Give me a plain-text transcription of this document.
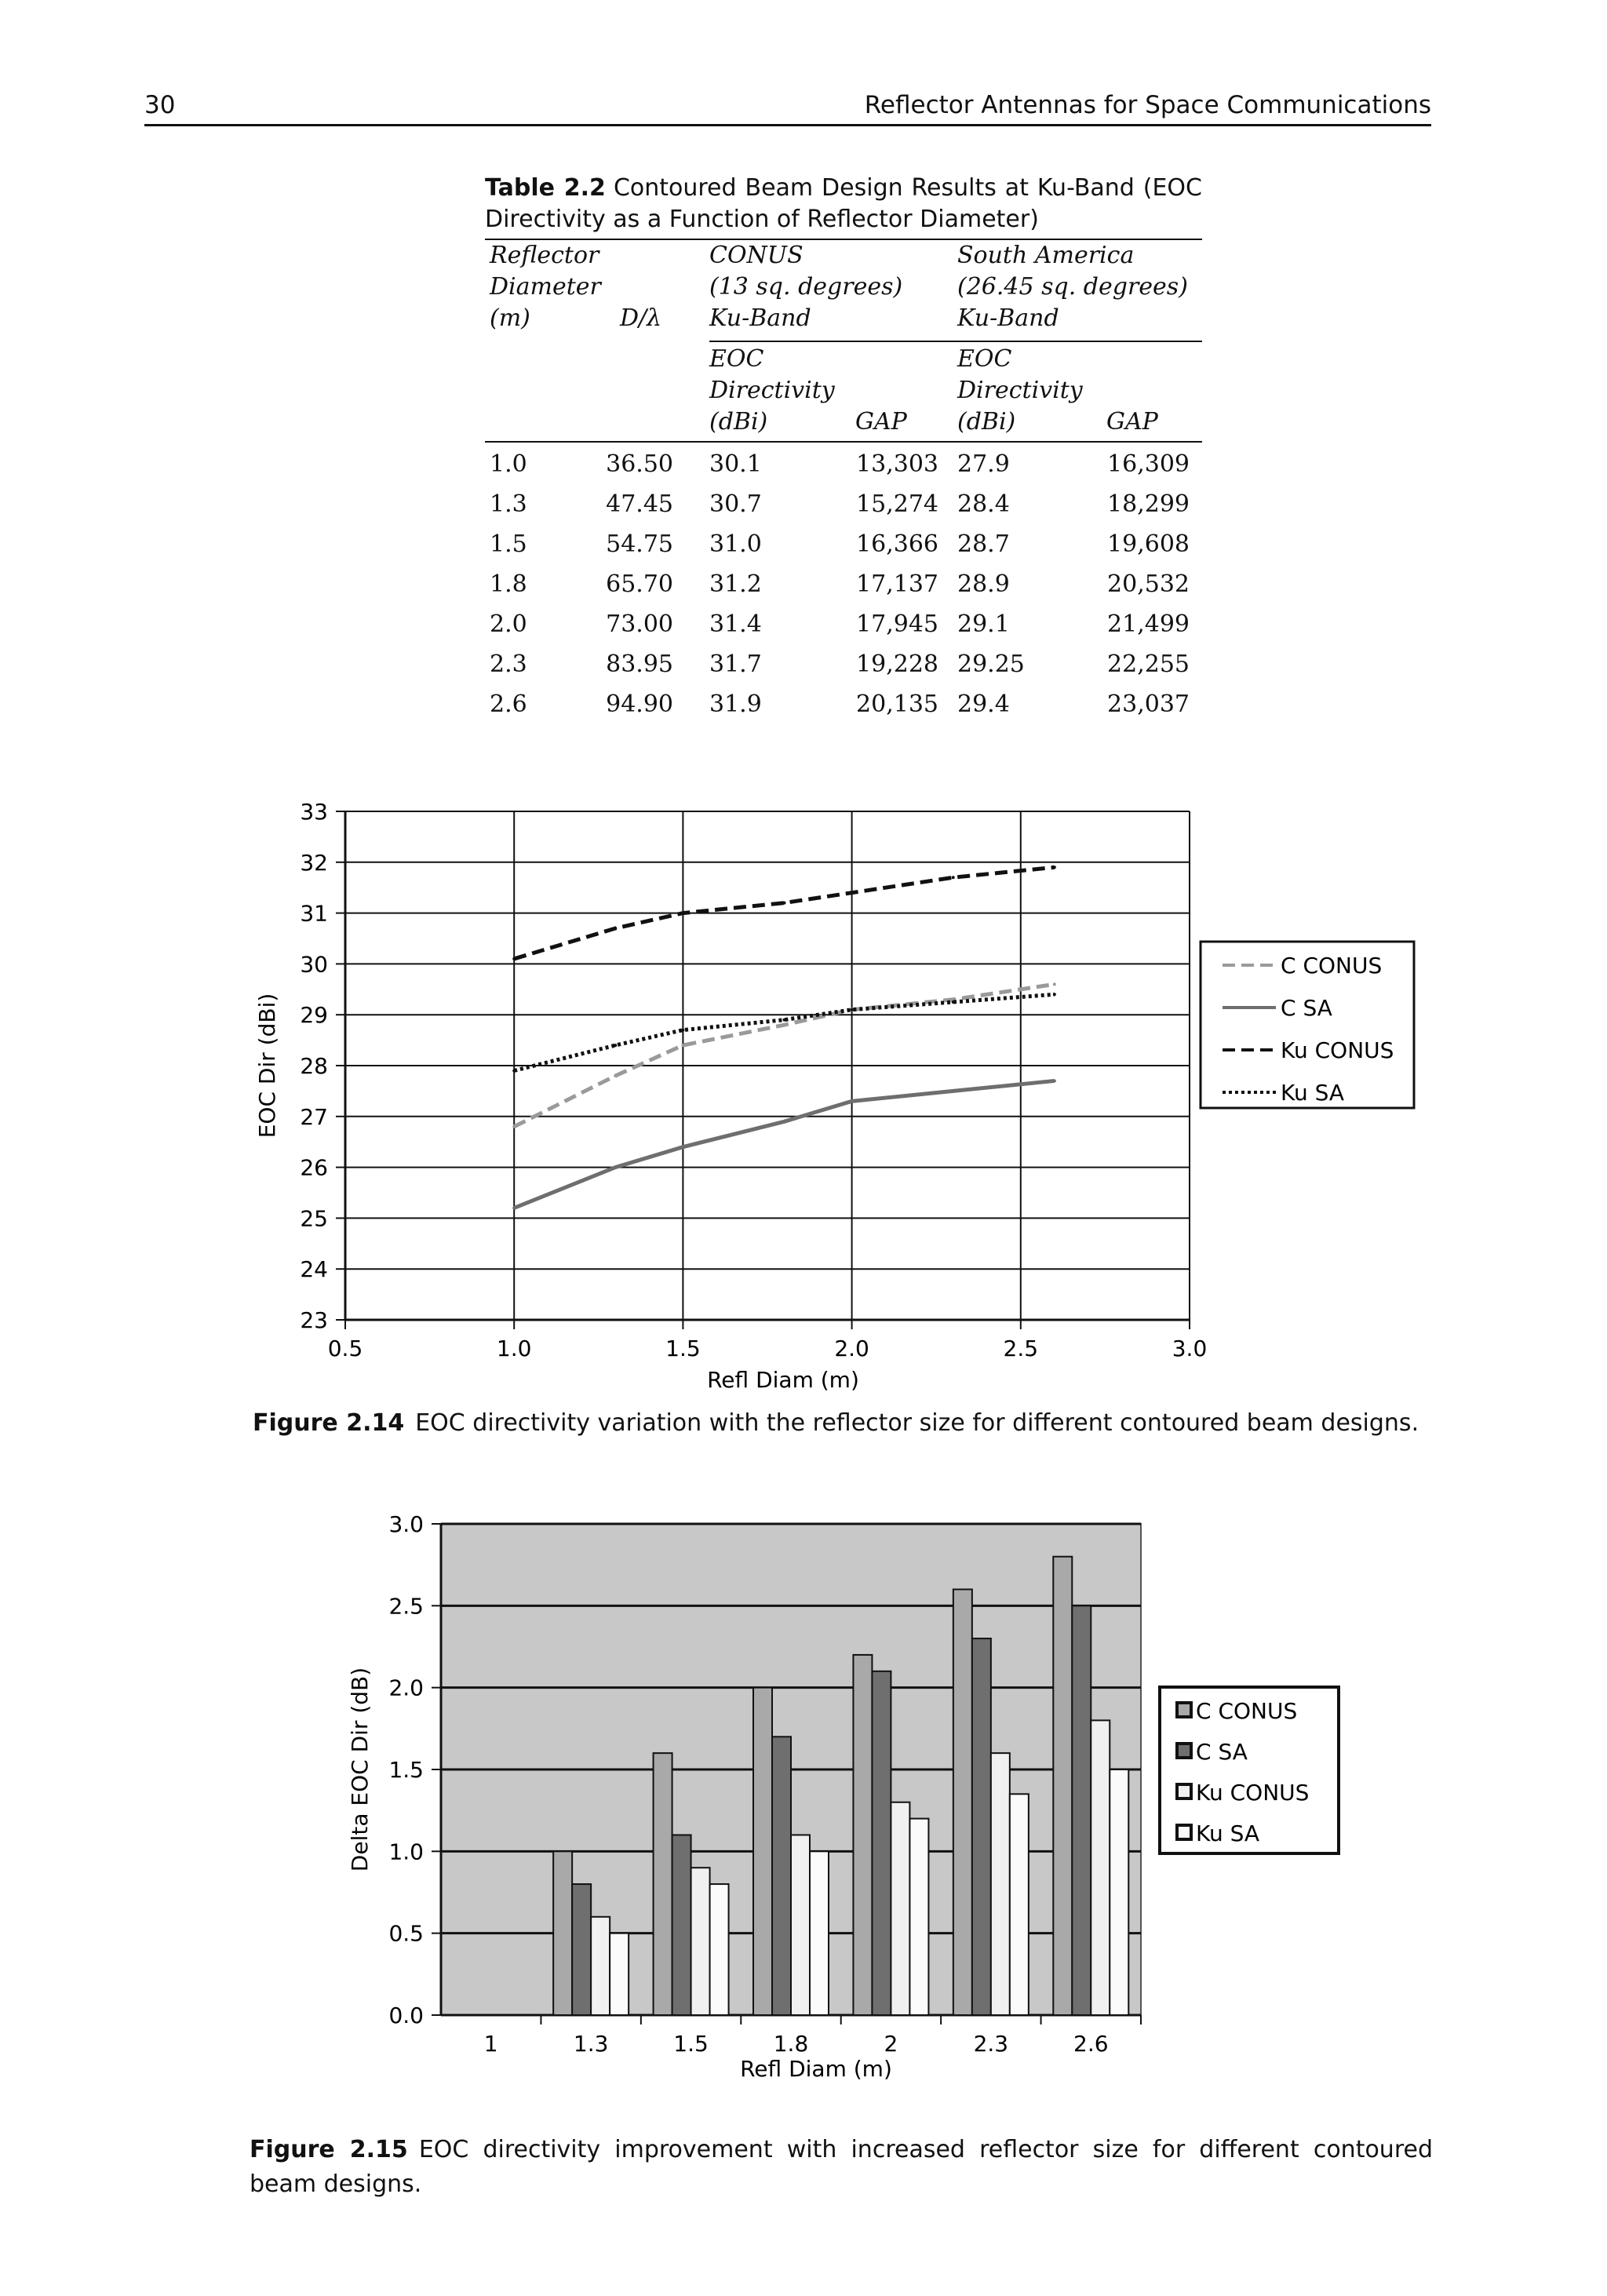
30	Reflector Antennas for Space Communications
Table 2.2 Contoured Beam Design Results at Ku-Band (EOC Directivity as a Function of Reflector Diameter)
Reflector
Diameter
(m)	D/λ
CONUS
(13 sq. degrees)
Ku-Band
South America
(26.45 sq. degrees)
Ku-Band
EOC
Directivity
(dBi)	GAP
EOC
Directivity
(dBi)	GAP
1.0	36.50 30.1	13,303 27.9	16,309
1.3	47.45 30.7	15,274 28.4	18,299
1.5	54.75 31.0	16,366 28.7	19,608
1.8	65.70 31.2	17,137 28.9	20,532
2.0	73.00 31.4	17,945 29.1	21,499
2.3	83.95 31.7	19,228 29.25	22,255
2.6	94.90 31.9	20,135 29.4	23,037
23
24
25
26
27
28
29
30
31
32
33
0.5	1.0	1.5	2.0	2.5	3.0
Refl Diam (m)
EOC Dir (dBi)
C CONUS
C SA
Ku CONUS
Ku SA
Figure 2.14 EOC directivity variation with the reflector size for different contoured beam designs.
0.0
0.5
1.0
1.5
2.0
2.5
3.0
1	1.3	1.5	1.8	2	2.3	2.6
Refl Diam (m)
Delta EOC Dir (dB)	C CONUS
C SA
Ku CONUS
Ku SA
Figure 2.15 EOC directivity improvement with increased reflector size for different contoured beam designs.
